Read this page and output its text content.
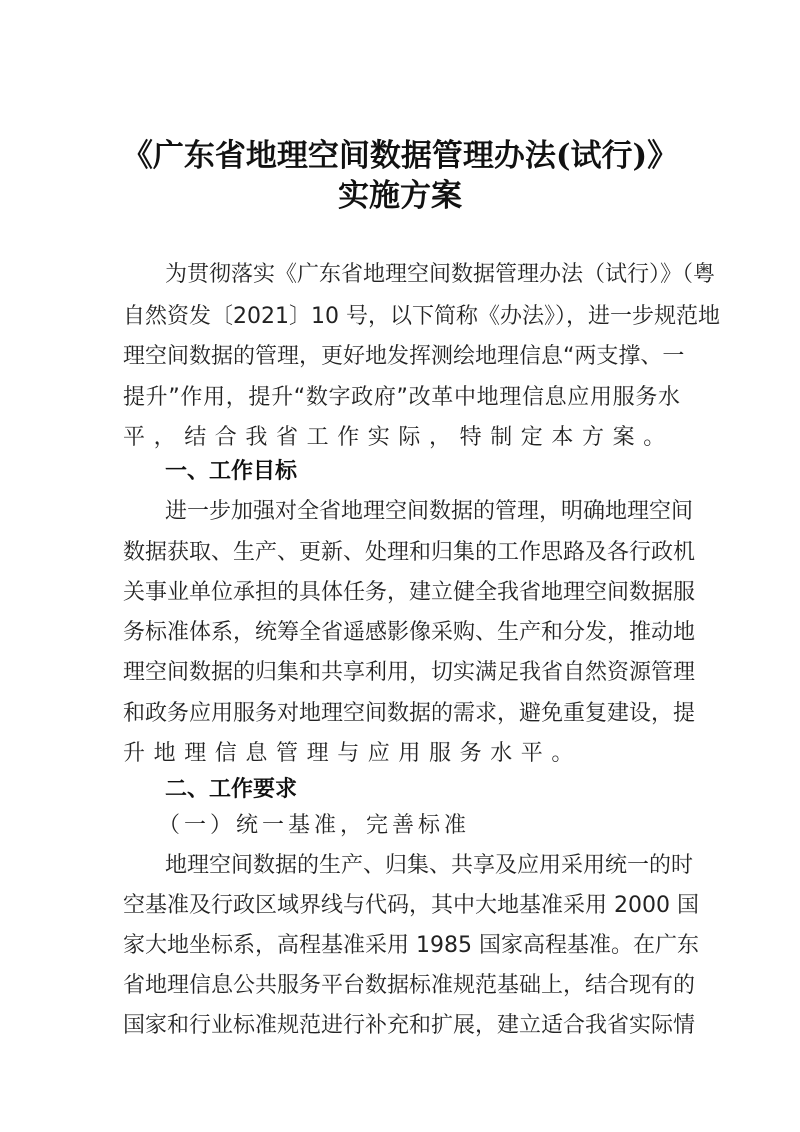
《广东省地理空间数据管理办法(试行)》
实施方案
为贯彻落实《广东省地理空间数据管理办法（试行）》（粤
自然资发〔2021〕10 号，以下简称《办法》），进一步规范地
理空间数据的管理，更好地发挥测绘地理信息“两支撑、一
提升”作用，提升“数字政府”改革中地理信息应用服务水
平，结合我省工作实际，特制定本方案。
一、工作目标
进一步加强对全省地理空间数据的管理，明确地理空间
数据获取、生产、更新、处理和归集的工作思路及各行政机
关事业单位承担的具体任务，建立健全我省地理空间数据服
务标准体系，统筹全省遥感影像采购、生产和分发，推动地
理空间数据的归集和共享利用，切实满足我省自然资源管理
和政务应用服务对地理空间数据的需求，避免重复建设，提
升地理信息管理与应用服务水平。
二、工作要求
（一）统一基准，完善标准
地理空间数据的生产、归集、共享及应用采用统一的时
空基准及行政区域界线与代码，其中大地基准采用 2000 国
家大地坐标系，高程基准采用 1985 国家高程基准。在广东
省地理信息公共服务平台数据标准规范基础上，结合现有的
国家和行业标准规范进行补充和扩展，建立适合我省实际情
